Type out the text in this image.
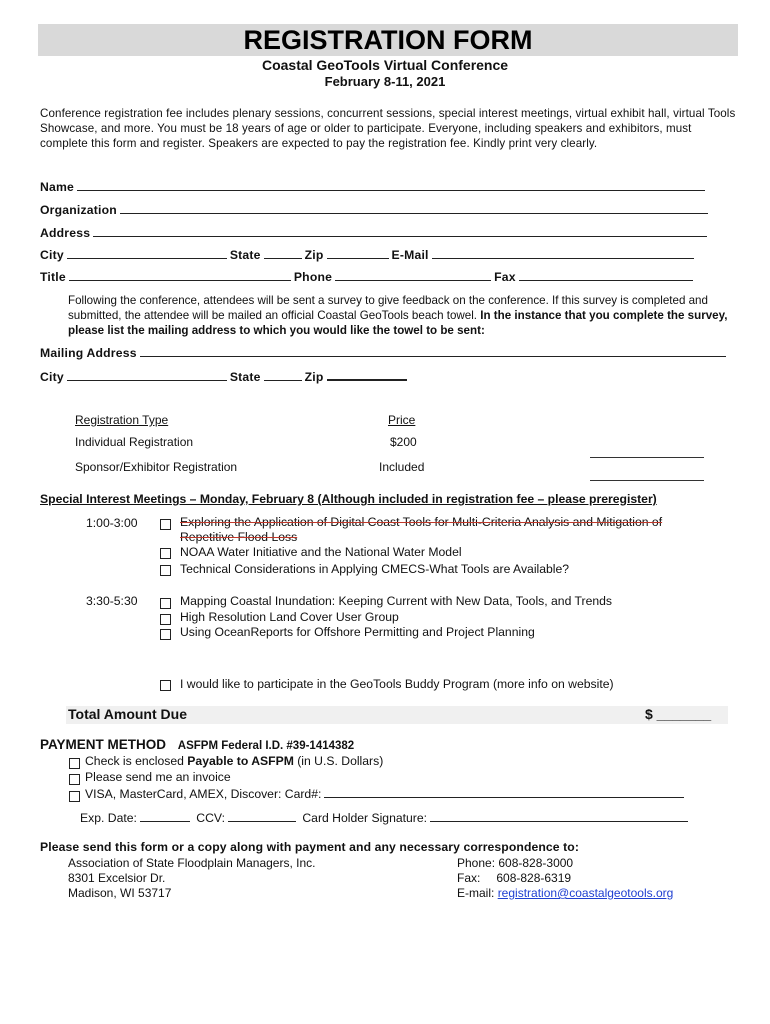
REGISTRATION FORM
Coastal GeoTools Virtual Conference
February 8-11, 2021
Conference registration fee includes plenary sessions, concurrent sessions, special interest meetings, virtual exhibit hall, virtual Tools Showcase, and more. You must be 18 years of age or older to participate. Everyone, including speakers and exhibitors, must complete this form and register. Speakers are expected to pay the registration fee. Kindly print very clearly.
Name
Organization
Address
City	State	Zip	E-Mail
Title	Phone	Fax
Following the conference, attendees will be sent a survey to give feedback on the conference. If this survey is completed and submitted, the attendee will be mailed an official Coastal GeoTools beach towel. In the instance that you complete the survey, please list the mailing address to which you would like the towel to be sent:
Mailing Address
City	State	Zip
Registration Type	Price
Individual Registration	$200
Sponsor/Exhibitor Registration	Included
Special Interest Meetings – Monday, February 8 (Although included in registration fee – please preregister)
1:00-3:00	Exploring the Application of Digital Coast Tools for Multi-Criteria Analysis and Mitigation of
Repetitive Flood Loss
NOAA Water Initiative and the National Water Model
Technical Considerations in Applying CMECS-What Tools are Available?
3:30-5:30	Mapping Coastal Inundation: Keeping Current with New Data, Tools, and Trends
High Resolution Land Cover User Group
Using OceanReports for Offshore Permitting and Project Planning
I would like to participate in the GeoTools Buddy Program (more info on website)
Total Amount Due	$ _______
PAYMENT METHOD ASFPM Federal I.D. #39-1414382
Check is enclosed Payable to ASFPM (in U.S. Dollars)
Please send me an invoice
VISA, MasterCard, AMEX, Discover: Card#:
Exp. Date:	CCV:	Card Holder Signature:
Please send this form or a copy along with payment and any necessary correspondence to:
Association of State Floodplain Managers, Inc.
8301 Excelsior Dr.
Madison, WI 53717
Phone: 608-828-3000
Fax: 608-828-6319
E-mail: registration@coastalgeotools.org
